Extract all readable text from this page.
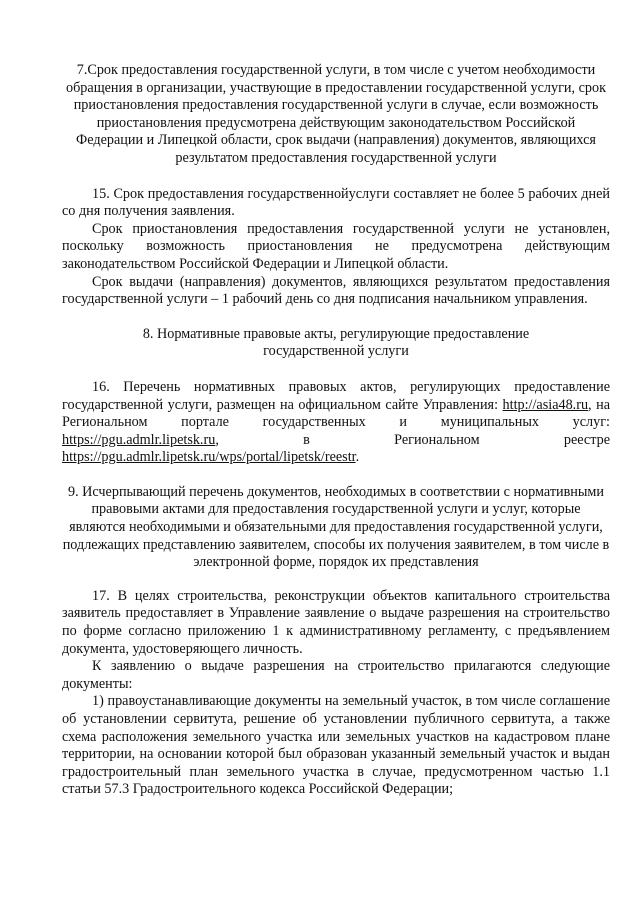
7.Срок предоставления государственной услуги, в том числе с учетом необходимости обращения в организации, участвующие в предоставлении государственной услуги, срок приостановления предоставления государственной услуги в случае, если возможность приостановления предусмотрена действующим законодательством Российской Федерации и Липецкой области, срок выдачи (направления) документов, являющихся результатом предоставления государственной услуги

15. Срок предоставления государственнойуслуги составляет не более 5 рабочих дней со дня получения заявления.

Срок приостановления предоставления государственной услуги не установлен, поскольку возможность приостановления не предусмотрена действующим законодательством Российской Федерации и Липецкой области.

Срок выдачи (направления) документов, являющихся результатом предоставления государственной услуги – 1 рабочий день со дня подписания начальником управления.

8. Нормативные правовые акты, регулирующие предоставление государственной услуги

16. Перечень нормативных правовых актов, регулирующих предоставление государственной услуги, размещен на официальном сайте Управления: http://asia48.ru, на Региональном портале государственных и муниципальных услуг: https://pgu.admlr.lipetsk.ru, в Региональном реестре https://pgu.admlr.lipetsk.ru/wps/portal/lipetsk/reestr.

9. Исчерпывающий перечень документов, необходимых в соответствии с нормативными правовыми актами для предоставления государственной услуги и услуг, которые являются необходимыми и обязательными для предоставления государственной услуги, подлежащих представлению заявителем, способы их получения заявителем, в том числе в электронной форме, порядок их представления

17. В целях строительства, реконструкции объектов капитального строительства заявитель предоставляет в Управление заявление о выдаче разрешения на строительство по форме согласно приложению 1 к административному регламенту, с предъявлением документа, удостоверяющего личность.

К заявлению о выдаче разрешения на строительство прилагаются следующие документы:

1) правоустанавливающие документы на земельный участок, в том числе соглашение об установлении сервитута, решение об установлении публичного сервитута, а также схема расположения земельного участка или земельных участков на кадастровом плане территории, на основании которой был образован указанный земельный участок и выдан градостроительный план земельного участка в случае, предусмотренном частью 1.1 статьи 57.3 Градостроительного кодекса Российской Федерации;
